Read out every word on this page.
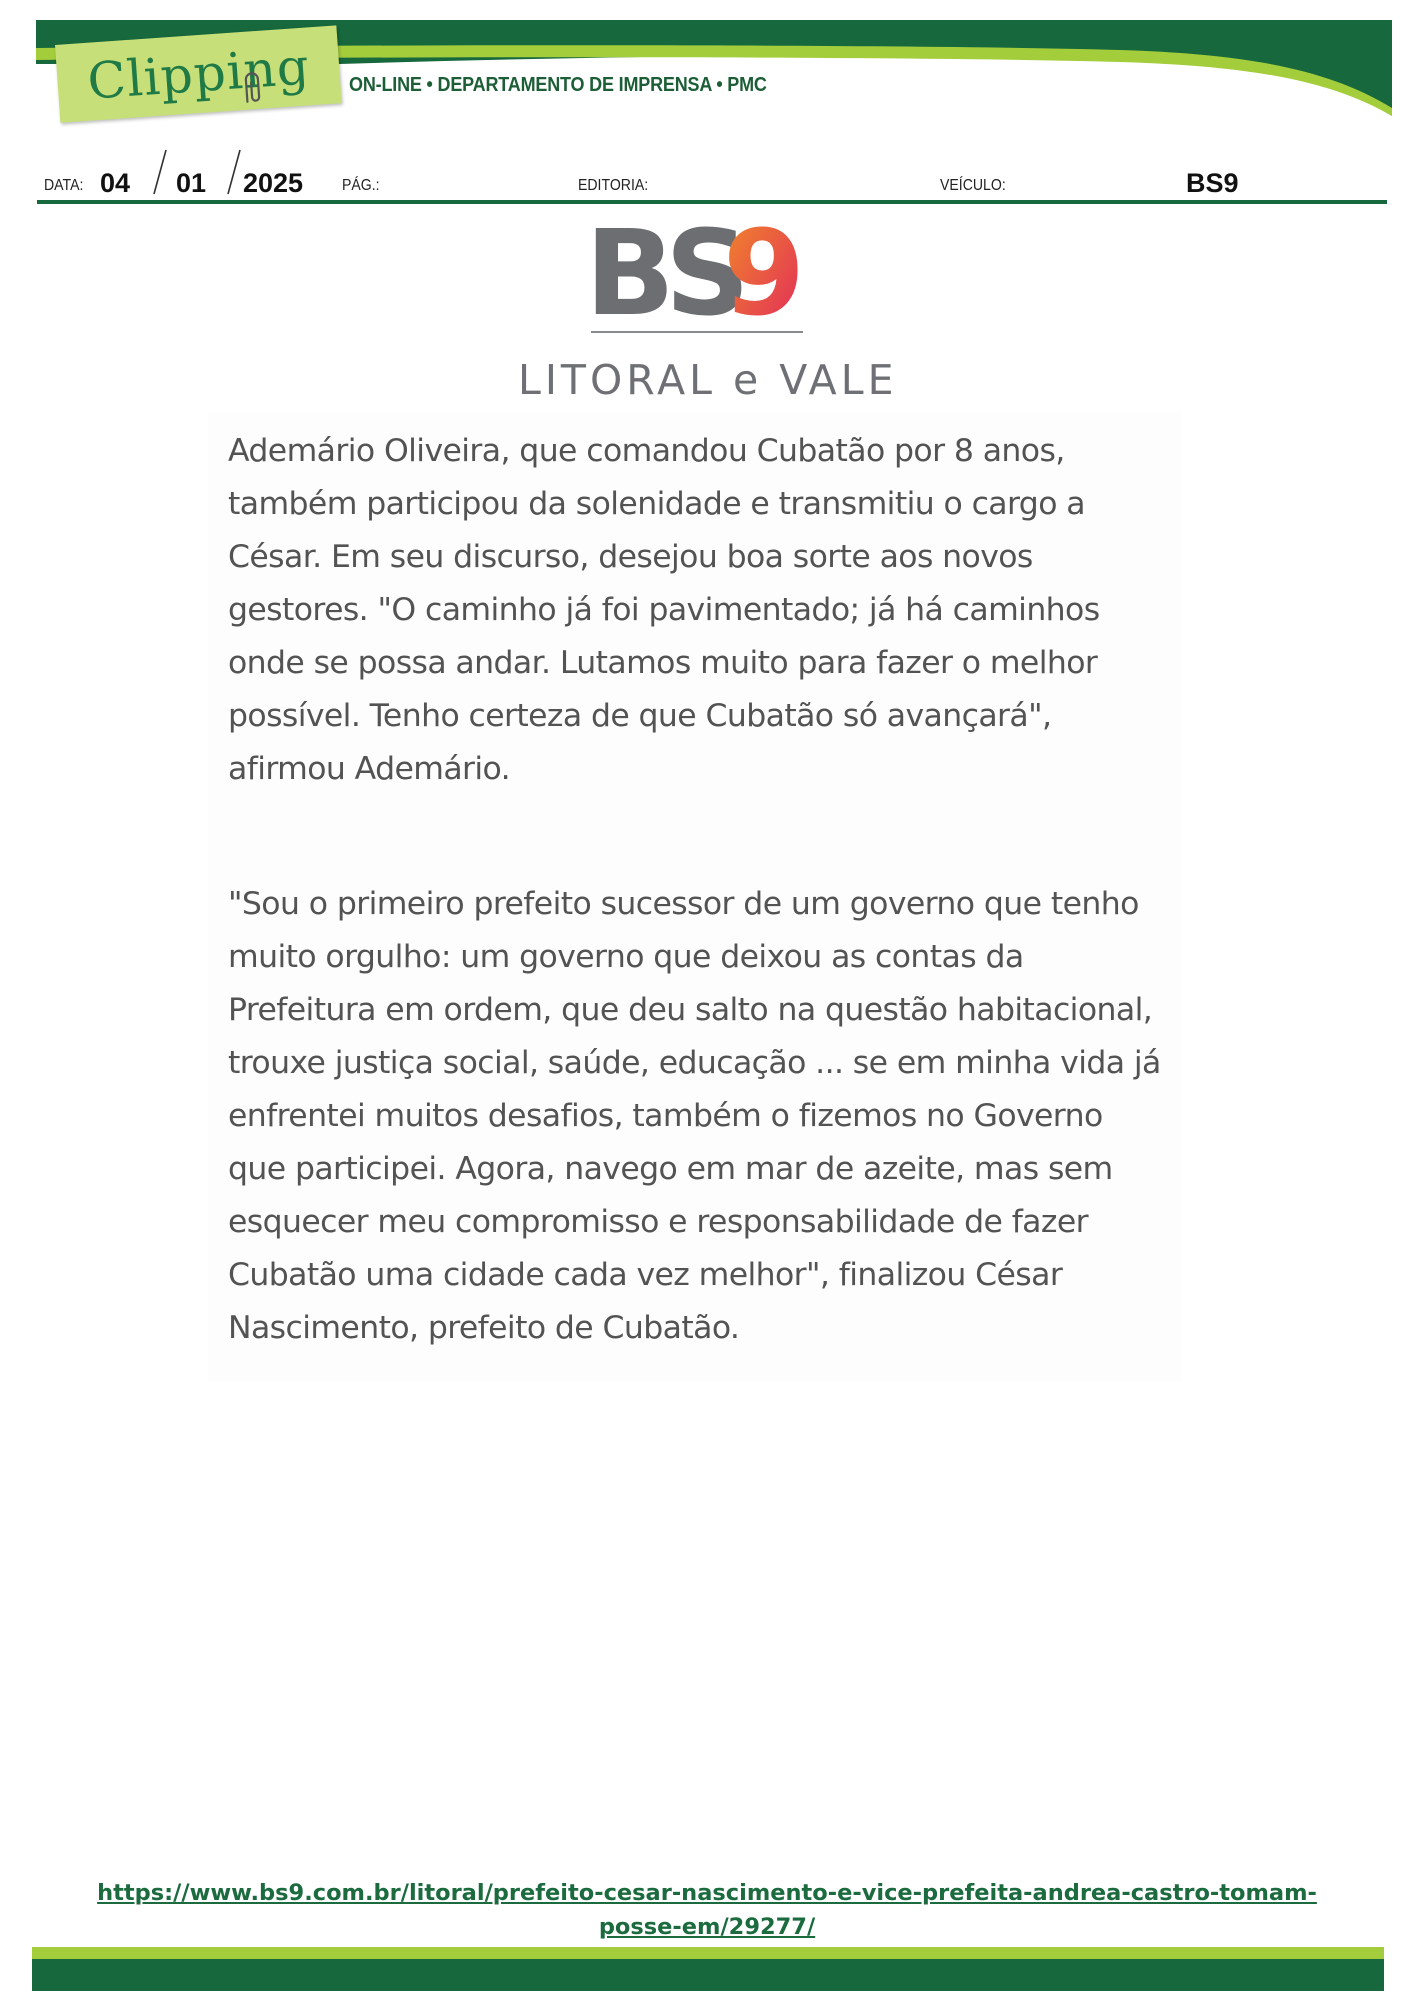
Clipping ON-LINE • DEPARTAMENTO DE IMPRENSA • PMC
DATA: 04 01 2025 PÁG.:	EDITORIA:	VEÍCULO:	BS9
BS
9
LITORAL e VALE

Ademário Oliveira, que comandou Cubatão por 8 anos,
também participou da solenidade e transmitiu o cargo a
César. Em seu discurso, desejou boa sorte aos novos
gestores. "O caminho já foi pavimentado; já há caminhos
onde se possa andar. Lutamos muito para fazer o melhor
possível. Tenho certeza de que Cubatão só avançará",
afirmou Ademário.

"Sou o primeiro prefeito sucessor de um governo que tenho
muito orgulho: um governo que deixou as contas da
Prefeitura em ordem, que deu salto na questão habitacional,
trouxe justiça social, saúde, educação ... se em minha vida já
enfrentei muitos desafios, também o fizemos no Governo
que participei. Agora, navego em mar de azeite, mas sem
esquecer meu compromisso e responsabilidade de fazer
Cubatão uma cidade cada vez melhor", finalizou César
Nascimento, prefeito de Cubatão.

https://www.bs9.com.br/litoral/prefeito-cesar-nascimento-e-vice-prefeita-andrea-castro-tomam-
posse-em/29277/
